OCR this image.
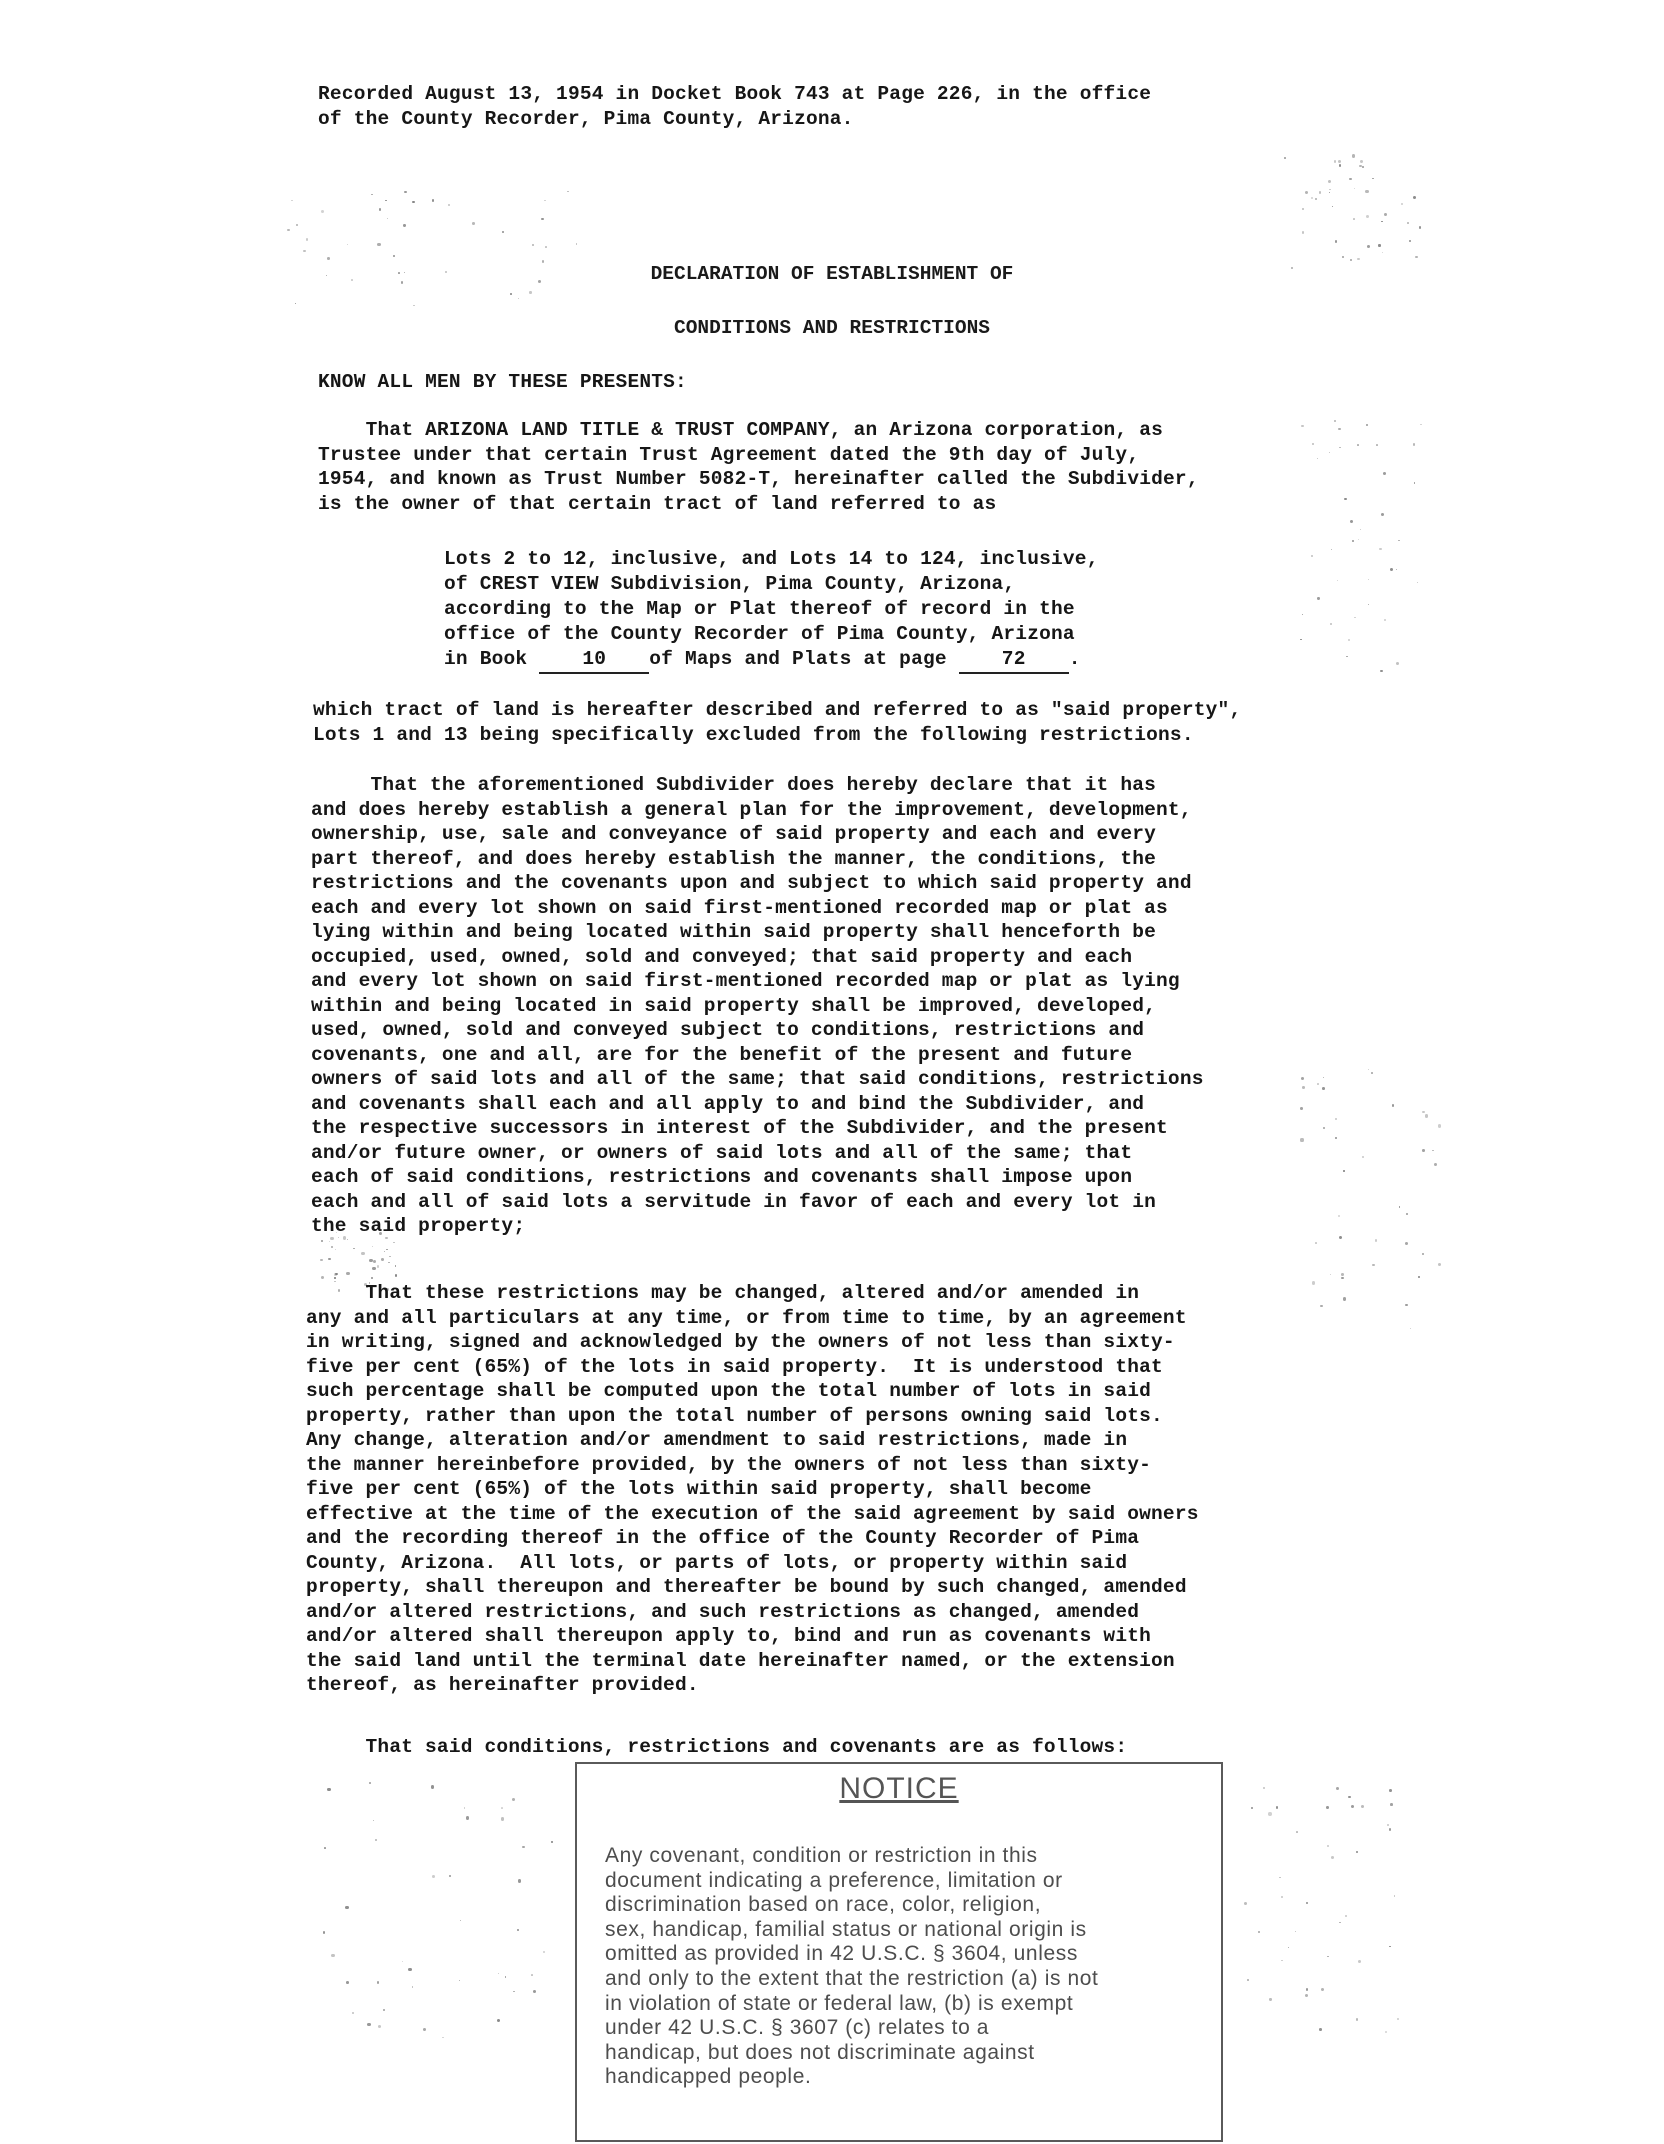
Recorded August 13, 1954 in Docket Book 743 at Page 226, in the office

of the County Recorder, Pima County, Arizona.

DECLARATION OF ESTABLISHMENT OF
CONDITIONS AND RESTRICTIONS

KNOW ALL MEN BY THESE PRESENTS:

That ARIZONA LAND TITLE & TRUST COMPANY, an Arizona corporation, as
Trustee under that certain Trust Agreement dated the 9th day of July,
1954, and known as Trust Number 5082-T, hereinafter called the Subdivider,
is the owner of that certain tract of land referred to as

Lots 2 to 12, inclusive, and Lots 14 to 124, inclusive,

of CREST VIEW Subdivision, Pima County, Arizona,

according to the Map or Plat thereof of record in the

office of the County Recorder of Pima County, Arizona

in Book	10 of Maps and Plats at page	72 .

which tract of land is hereafter described and referred to as "said property",
Lots 1 and 13 being specifically excluded from the following restrictions.

That the aforementioned Subdivider does hereby declare that it has
and does hereby establish a general plan for the improvement, development,
ownership, use, sale and conveyance of said property and each and every
part thereof, and does hereby establish the manner, the conditions, the
restrictions and the covenants upon and subject to which said property and
each and every lot shown on said first-mentioned recorded map or plat as
lying within and being located within said property shall henceforth be
occupied, used, owned, sold and conveyed; that said property and each
and every lot shown on said first-mentioned recorded map or plat as lying
within and being located in said property shall be improved, developed,
used, owned, sold and conveyed subject to conditions, restrictions and
covenants, one and all, are for the benefit of the present and future
owners of said lots and all of the same; that said conditions, restrictions
and covenants shall each and all apply to and bind the Subdivider, and
the respective successors in interest of the Subdivider, and the present
and/or future owner, or owners of said lots and all of the same; that
each of said conditions, restrictions and covenants shall impose upon
each and all of said lots a servitude in favor of each and every lot in
the said property;

That these restrictions may be changed, altered and/or amended in
any and all particulars at any time, or from time to time, by an agreement
in writing, signed and acknowledged by the owners of not less than sixty-
five per cent (65%) of the lots in said property.  It is understood that
such percentage shall be computed upon the total number of lots in said
property, rather than upon the total number of persons owning said lots.
Any change, alteration and/or amendment to said restrictions, made in
the manner hereinbefore provided, by the owners of not less than sixty-
five per cent (65%) of the lots within said property, shall become
effective at the time of the execution of the said agreement by said owners
and the recording thereof in the office of the County Recorder of Pima
County, Arizona.  All lots, or parts of lots, or property within said
property, shall thereupon and thereafter be bound by such changed, amended
and/or altered restrictions, and such restrictions as changed, amended
and/or altered shall thereupon apply to, bind and run as covenants with
the said land until the terminal date hereinafter named, or the extension
thereof, as hereinafter provided.

That said conditions, restrictions and covenants are as follows:

NOTICE
Any covenant, condition or restriction in this
document indicating a preference, limitation or
discrimination based on race, color, religion,
sex, handicap, familial status or national origin is
omitted as provided in 42 U.S.C. § 3604, unless
and only to the extent that the restriction (a) is not
in violation of state or federal law, (b) is exempt
under 42 U.S.C. § 3607 (c) relates to a
handicap, but does not discriminate against
handicapped people.
